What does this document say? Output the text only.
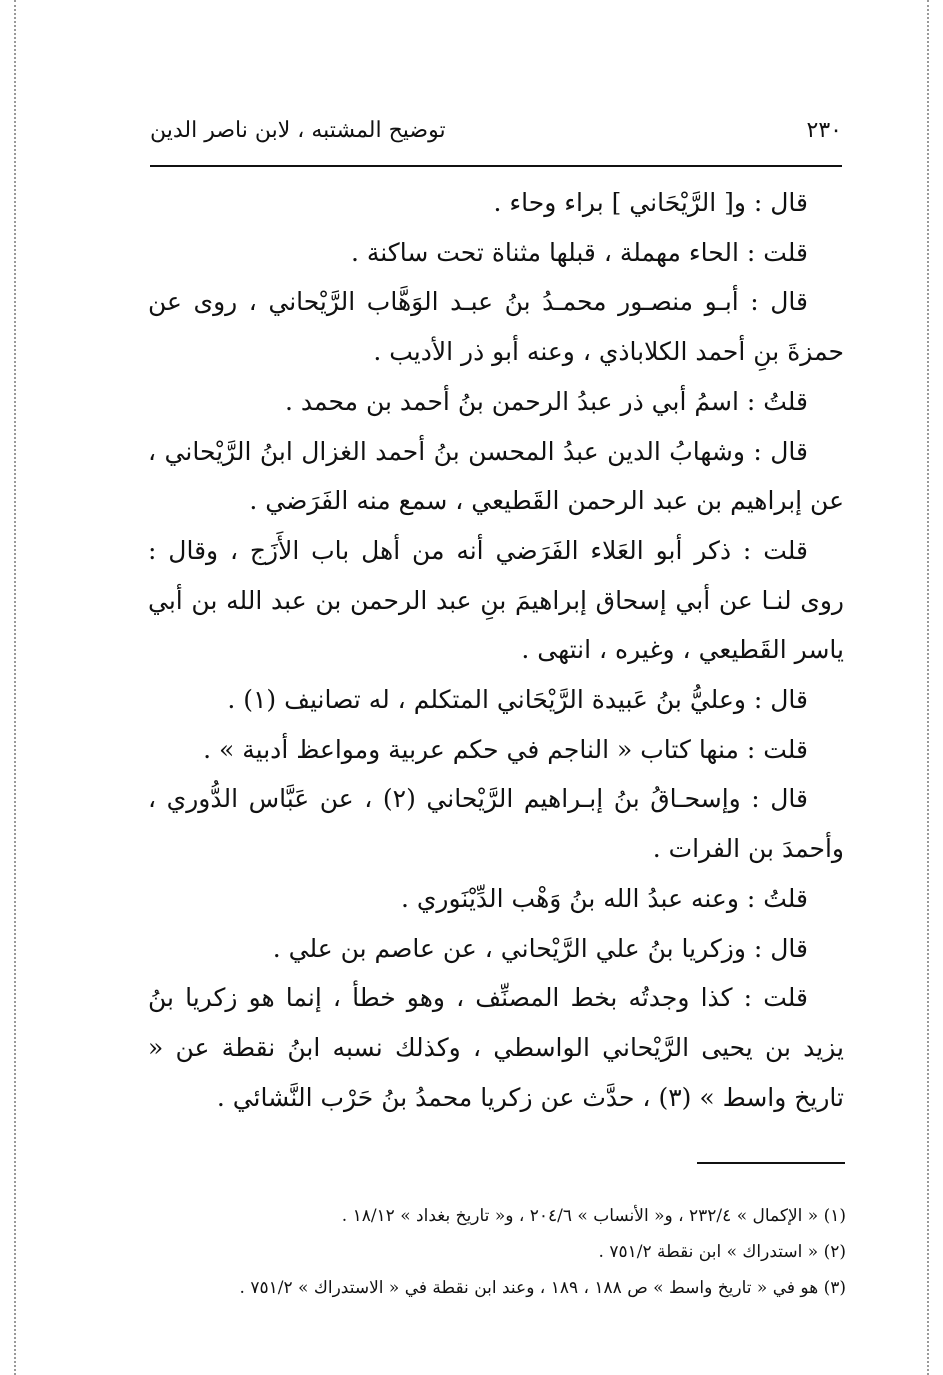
٢٣٠
توضيح المشتبه ، لابن ناصر الدين

قال : و[ الرَّيْحَاني ] براء وحاء .

قلت : الحاء مهملة ، قبلها مثناة تحت ساكنة .

قال : أبـو منصـور محمـدُ بنُ عبـد الوَهَّاب الرَّيْحاني ، روى عن حمزةَ بنِ أحمد الكلاباذي ، وعنه أبو ذر الأديب .

قلتُ : اسمُ أبي ذر عبدُ الرحمن بنُ أحمد بن محمد .

قال : وشهابُ الدين عبدُ المحسن بنُ أحمد الغزال ابنُ الرَّيْحاني ، عن إبراهيم بن عبد الرحمن القَطيعي ، سمع منه الفَرَضي .

قلت : ذكر أبو العَلاء الفَرَضي أنه من أهل باب الأَزَج ، وقال : روى لنـا عن أبي إسحاق إبراهيمَ بنِ عبد الرحمن بن عبد الله بن أبي ياسر القَطيعي ، وغيره ، انتهى .

قال : وعليُّ بنُ عَبيدة الرَّيْحَاني المتكلم ، له تصانيف (١) .

قلت : منها كتاب « الناجم في حكم عربية ومواعظ أدبية » .

قال : وإسحـاقُ بنُ إبـراهيم الرَّيْحاني (٢) ، عن عَبَّاس الدُّوري ، وأحمدَ بن الفرات .

قلتُ : وعنه عبدُ الله بنُ وَهْب الدِّيْنَوري .

قال : وزكريا بنُ علي الرَّيْحاني ، عن عاصم بن علي .

قلت : كذا وجدتُه بخط المصنِّف ، وهو خطأ ، إنما هو زكريا بنُ يزيد بن يحيى الرَّيْحاني الواسطي ، وكذلك نسبه ابنُ نقطة عن « تاريخ واسط » (٣) ، حدَّث عن زكريا محمدُ بنُ حَرْب النَّشائي .

(١) « الإكمال » ٢٣٢/٤ ، و« الأنساب » ٢٠٤/٦ ، و« تاريخ بغداد » ١٨/١٢ .

(٢) « استدراك » ابن نقطة ٧٥١/٢ .

(٣) هو في « تاريخ واسط » ص ١٨٨ ، ١٨٩ ، وعند ابن نقطة في « الاستدراك » ٧٥١/٢ .
